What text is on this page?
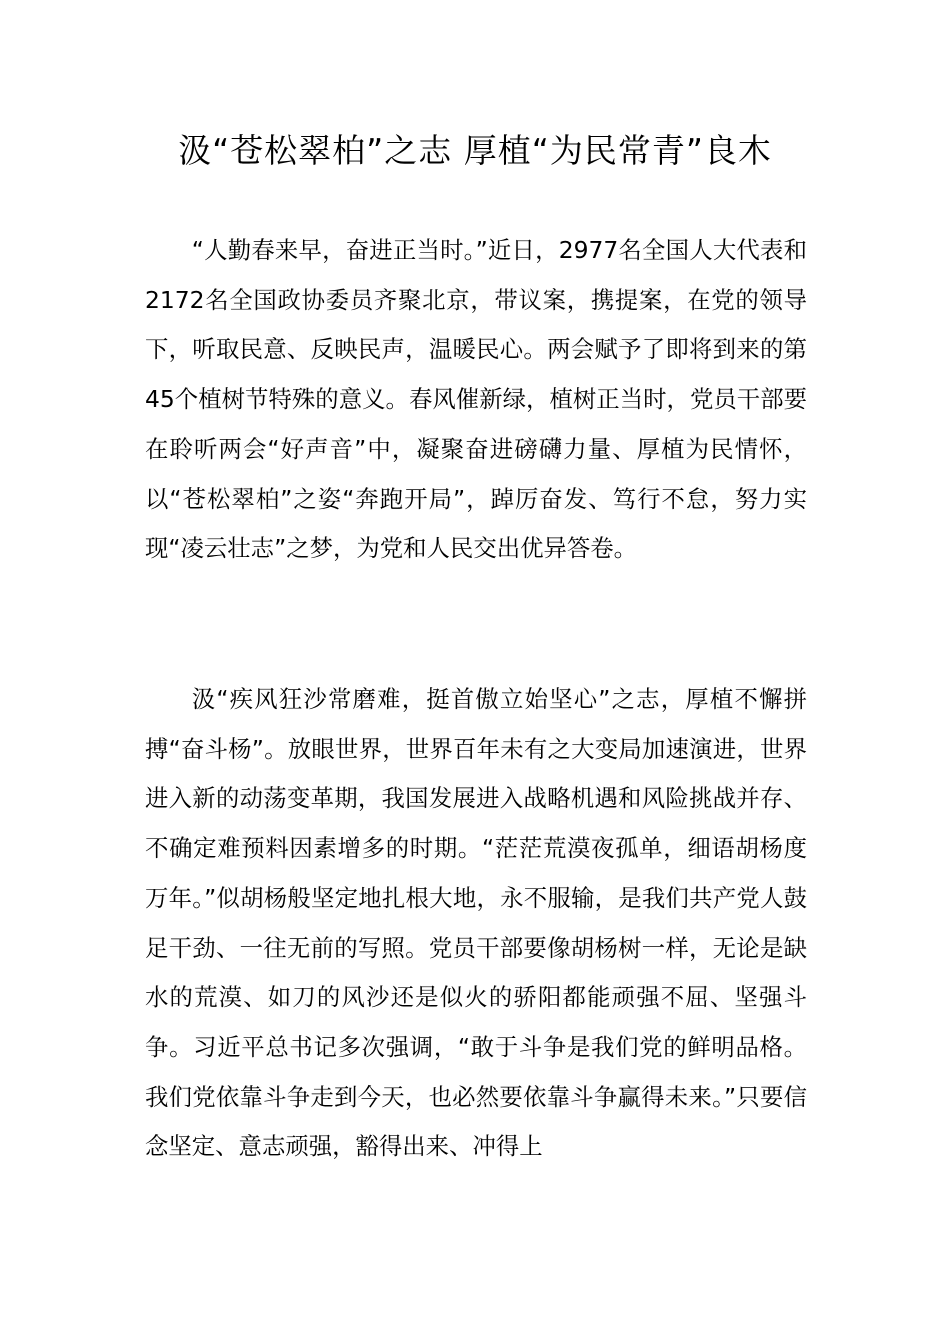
汲“苍松翠柏”之志 厚植“为民常青”良木

“人勤春来早，奋进正当时。”近日，2977名全国人大代表和2172名全国政协委员齐聚北京，带议案，携提案，在党的领导下，听取民意、反映民声，温暖民心。两会赋予了即将到来的第45个植树节特殊的意义。春风催新绿，植树正当时，党员干部要在聆听两会“好声音”中，凝聚奋进磅礴力量、厚植为民情怀，以“苍松翠柏”之姿“奔跑开局”，踔厉奋发、笃行不怠，努力实现“凌云壮志”之梦，为党和人民交出优异答卷。

汲“疾风狂沙常磨难，挺首傲立始坚心”之志，厚植不懈拼搏“奋斗杨”。放眼世界，世界百年未有之大变局加速演进，世界进入新的动荡变革期，我国发展进入战略机遇和风险挑战并存、不确定难预料因素增多的时期。“茫茫荒漠夜孤单，细语胡杨度万年。”似胡杨般坚定地扎根大地，永不服输，是我们共产党人鼓足干劲、一往无前的写照。党员干部要像胡杨树一样，无论是缺水的荒漠、如刀的风沙还是似火的骄阳都能顽强不屈、坚强斗争。习近平总书记多次强调，“敢于斗争是我们党的鲜明品格。我们党依靠斗争走到今天，也必然要依靠斗争赢得未来。”只要信念坚定、意志顽强，豁得出来、冲得上
